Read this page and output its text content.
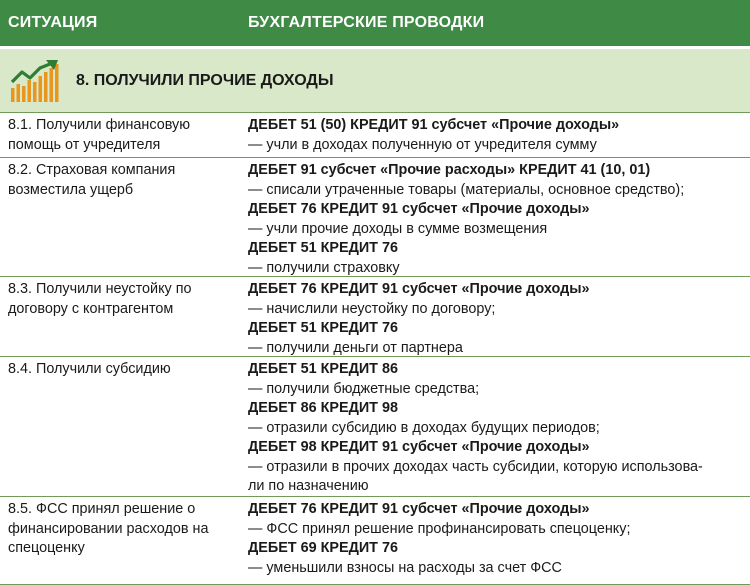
СИТУАЦИЯ	БУХГАЛТЕРСКИЕ ПРОВОДКИ
8. ПОЛУЧИЛИ ПРОЧИЕ ДОХОДЫ
8.1. Получили финансовую помощь от учредителя
ДЕБЕТ 51 (50) КРЕДИТ 91 субсчет «Прочие доходы»
— учли в доходах полученную от учредителя сумму
8.2. Страховая компания возместила ущерб
ДЕБЕТ 91 субсчет «Прочие расходы» КРЕДИТ 41 (10, 01)
— списали утраченные товары (материалы, основное средство);
ДЕБЕТ 76 КРЕДИТ 91 субсчет «Прочие доходы»
— учли прочие доходы в сумме возмещения
ДЕБЕТ 51 КРЕДИТ 76
— получили страховку
8.3. Получили неустойку по договору с контрагентом
ДЕБЕТ 76 КРЕДИТ 91 субсчет «Прочие доходы»
— начислили неустойку по договору;
ДЕБЕТ 51 КРЕДИТ 76
— получили деньги от партнера
8.4. Получили субсидию	ДЕБЕТ 51 КРЕДИТ 86
— получили бюджетные средства;
ДЕБЕТ 86 КРЕДИТ 98
— отразили субсидию в доходах будущих периодов;
ДЕБЕТ 98 КРЕДИТ 91 субсчет «Прочие доходы»
— отразили в прочих доходах часть субсидии, которую использова-
ли по назначению
8.5. ФСС принял решение о финансировании расходов на спецоценку
ДЕБЕТ 76 КРЕДИТ 91 субсчет «Прочие доходы»
— ФСС принял решение профинансировать спецоценку;
ДЕБЕТ 69 КРЕДИТ 76
— уменьшили взносы на расходы за счет ФСС
